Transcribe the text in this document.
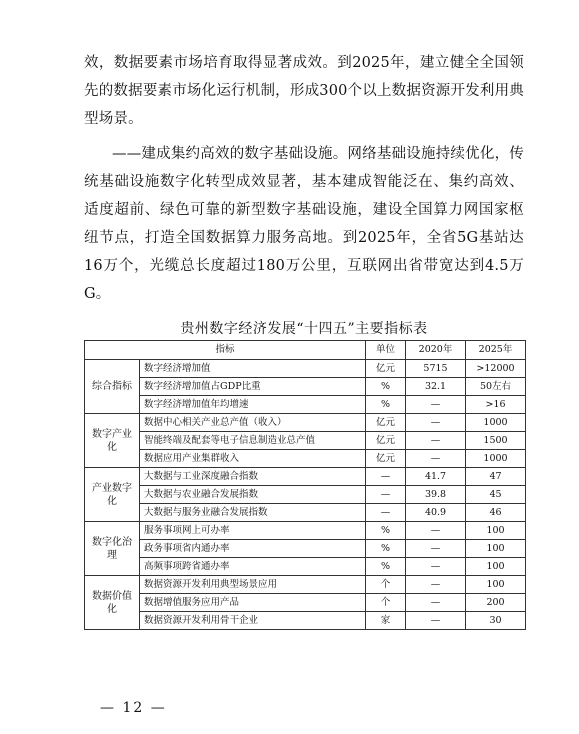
效，数据要素市场培育取得显著成效。到2025年，建立健全全国领先的数据要素市场化运行机制，形成300个以上数据资源开发利用典型场景。

——建成集约高效的数字基础设施。网络基础设施持续优化，传统基础设施数字化转型成效显著，基本建成智能泛在、集约高效、适度超前、绿色可靠的新型数字基础设施，建设全国算力网国家枢纽节点，打造全国数据算力服务高地。到2025年，全省5G基站达16万个，光缆总长度超过180万公里，互联网出省带宽达到4.5万G。

贵州数字经济发展“十四五”主要指标表
指标		单位	2020年	2025年
综合指标	数字经济增加值	亿元	5715	>12000
	数字经济增加值占GDP比重	%	32.1	50左右
	数字经济增加值年均增速	%	—	>16
数字产业化	数据中心相关产业总产值（收入）	亿元	—	1000
	智能终端及配套等电子信息制造业总产值	亿元	—	1500
	数据应用产业集群收入	亿元	—	1000
产业数字化	大数据与工业深度融合指数	—	41.7	47
	大数据与农业融合发展指数	—	39.8	45
	大数据与服务业融合发展指数	—	40.9	46
数字化治理	服务事项网上可办率	%	—	100
	政务事项省内通办率	%	—	100
	高频事项跨省通办率	%	—	100
数据价值化	数据资源开发利用典型场景应用	个	—	100
	数据增值服务应用产品	个	—	200
	数据资源开发利用骨干企业	家	—	30
— 12 —
